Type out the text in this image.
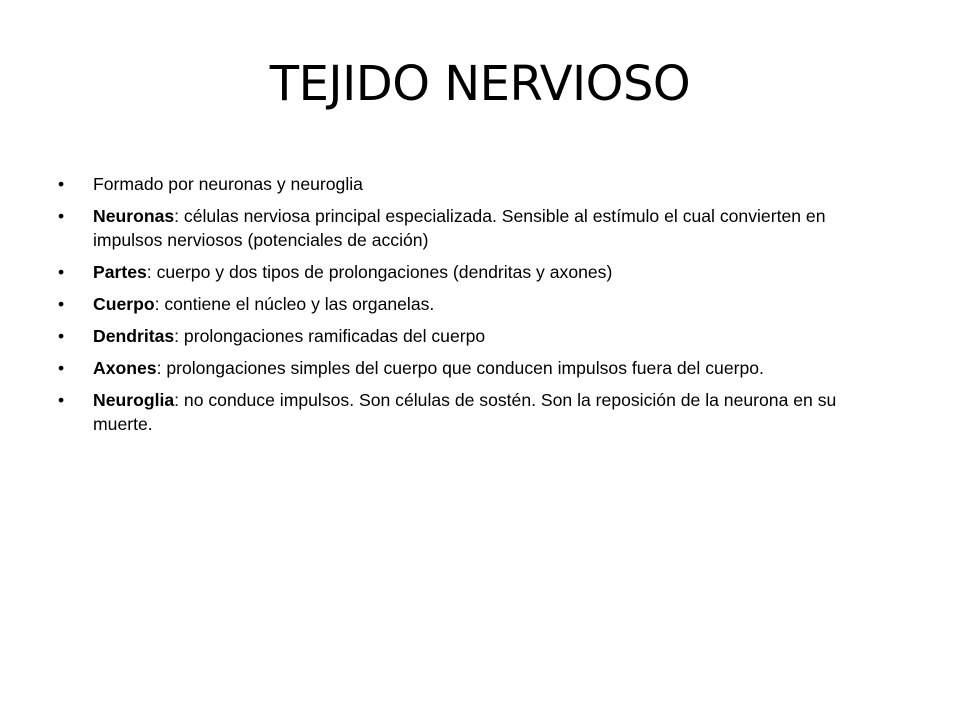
TEJIDO NERVIOSO
• Formado por neuronas y neuroglia
• Neuronas: células nerviosa principal especializada. Sensible al estímulo el cual convierten en impulsos nerviosos (potenciales de acción)
• Partes: cuerpo y dos tipos de prolongaciones (dendritas y axones)
• Cuerpo: contiene el núcleo y las organelas.
• Dendritas: prolongaciones ramificadas del cuerpo
• Axones: prolongaciones simples del cuerpo que conducen impulsos fuera del cuerpo.
• Neuroglia: no conduce impulsos. Son células de sostén. Son la reposición de la neurona en su muerte.
